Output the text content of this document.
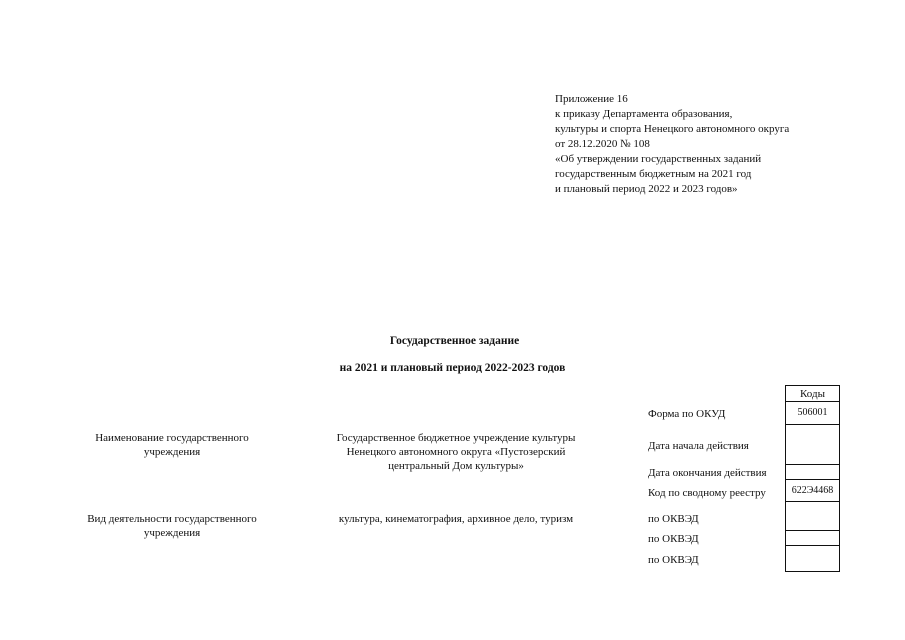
Приложение 16
к приказу Департамента образования,
культуры и спорта Ненецкого автономного округа
от 28.12.2020 № 108
«Об утверждении государственных заданий
государственным бюджетным на 2021 год
и плановый период 2022 и 2023 годов»
Государственное задание
на 2021 и плановый период 2022-2023 годов
Наименование государственного
учреждения
Государственное бюджетное учреждение культуры
Ненецкого автономного округа «Пустозерский
центральный Дом культуры»
Вид деятельности государственного
учреждения
культура, кинематография, архивное дело, туризм
Коды
Форма по ОКУД	506001
Дата начала действия
Дата окончания действия
Код по сводному реестру	622Э4468
по ОКВЭД
по ОКВЭД
по ОКВЭД
